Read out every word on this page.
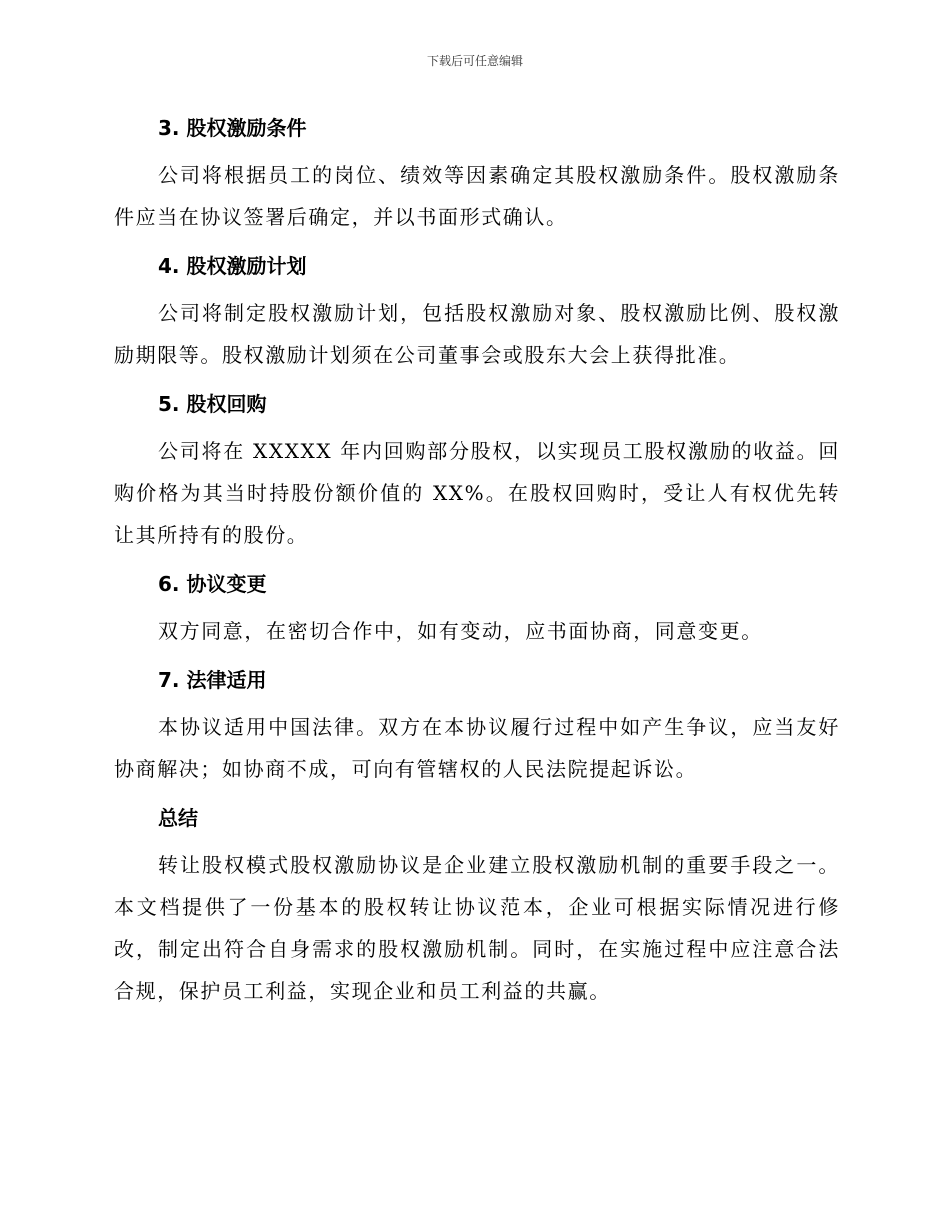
下载后可任意编辑
3. 股权激励条件

公司将根据员工的岗位、绩效等因素确定其股权激励条件。股权激励条件应当在协议签署后确定，并以书面形式确认。

4. 股权激励计划

公司将制定股权激励计划，包括股权激励对象、股权激励比例、股权激励期限等。股权激励计划须在公司董事会或股东大会上获得批准。

5. 股权回购

公司将在 XXXXX 年内回购部分股权，以实现员工股权激励的收益。回购价格为其当时持股份额价值的 XX%。在股权回购时，受让人有权优先转让其所持有的股份。

6. 协议变更

双方同意，在密切合作中，如有变动，应书面协商，同意变更。

7. 法律适用

本协议适用中国法律。双方在本协议履行过程中如产生争议，应当友好协商解决；如协商不成，可向有管辖权的人民法院提起诉讼。

总结

转让股权模式股权激励协议是企业建立股权激励机制的重要手段之一。本文档提供了一份基本的股权转让协议范本，企业可根据实际情况进行修改，制定出符合自身需求的股权激励机制。同时，在实施过程中应注意合法合规，保护员工利益，实现企业和员工利益的共赢。
